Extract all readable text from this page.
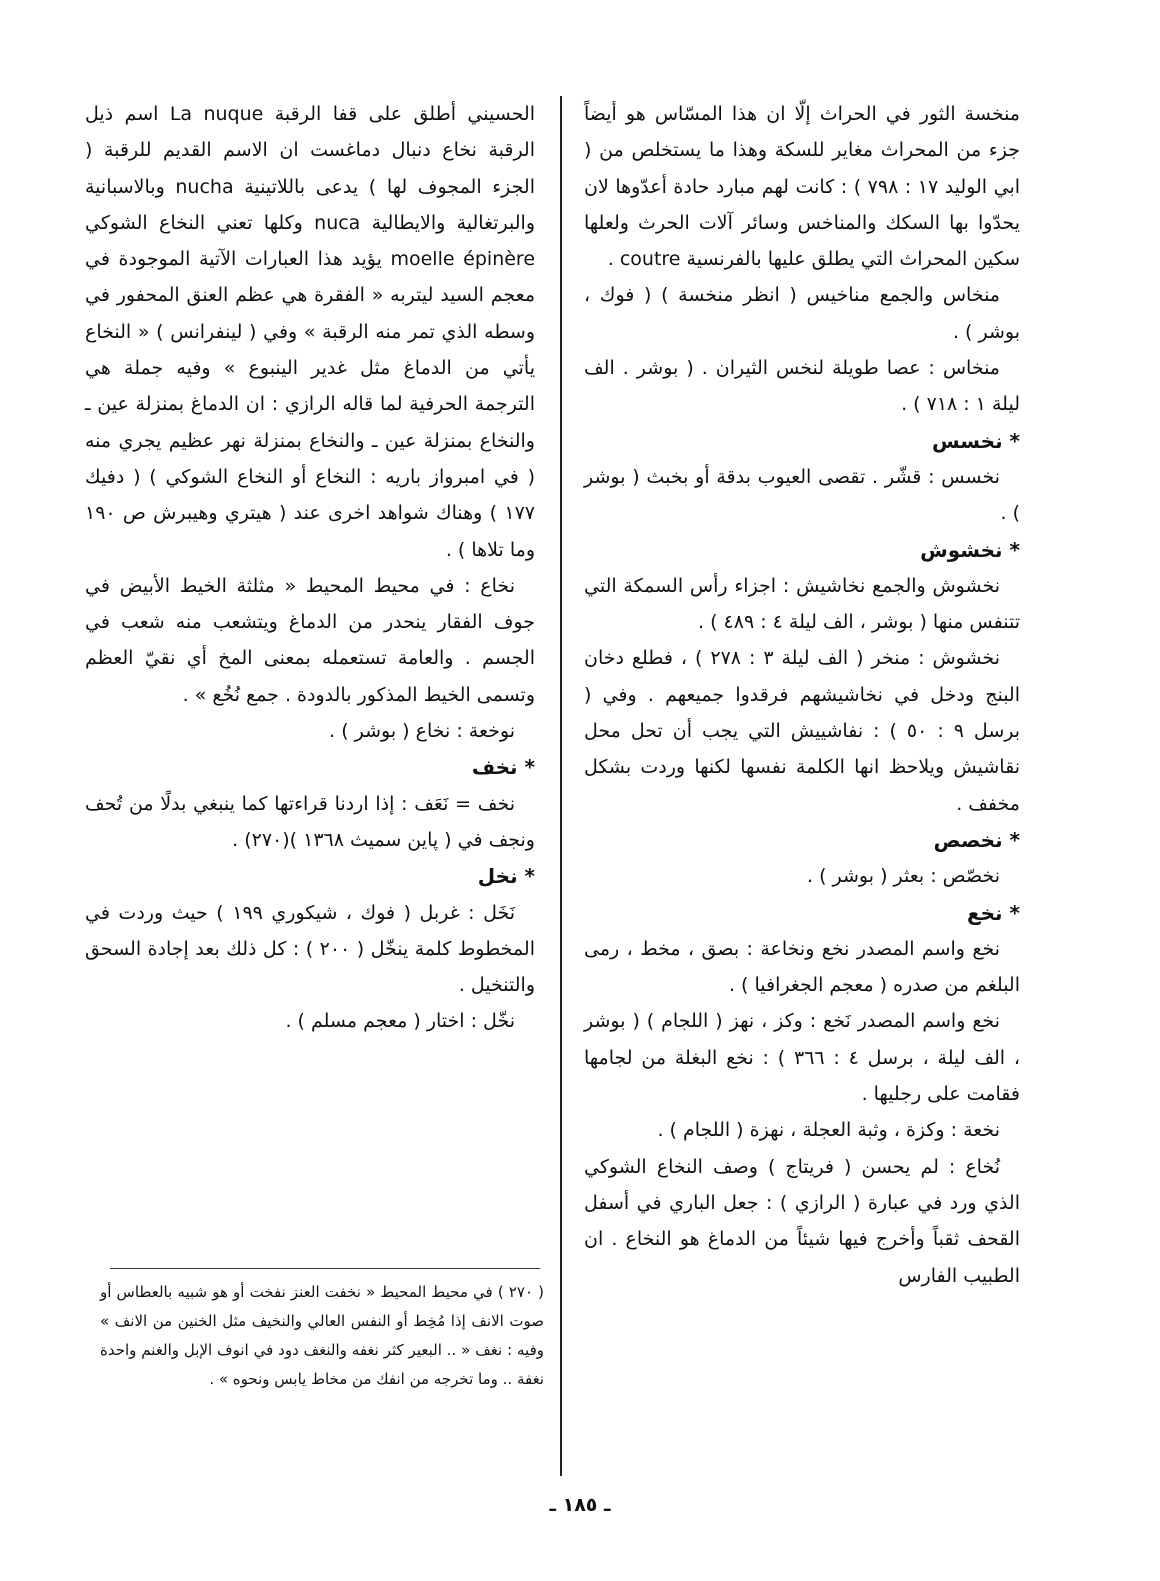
منخسة الثور في الحراث إلّا ان هذا المسّاس هو أيضاً جزء من المحراث مغاير للسكة وهذا ما يستخلص من ( ابي الوليد ١٧ : ٧٩٨ ) : كانت لهم مبارد حادة أعدّوها لان يحدّوا بها السكك والمناخس وسائر آلات الحرث ولعلها سكين المحراث التي يطلق عليها بالفرنسية coutre .

منخاس والجمع مناخيس ( انظر منخسة ) ( فوك ، بوشر ) .

منخاس : عصا طويلة لنخس الثيران . ( بوشر . الف ليلة ١ : ٧١٨ ) .

* نخسس

نخسس : قشّر . تقصى العيوب بدقة أو بخبث ( بوشر ) .

* نخشوش

نخشوش والجمع نخاشيش : اجزاء رأس السمكة التي تتنفس منها ( بوشر ، الف ليلة ٤ : ٤٨٩ ) .

نخشوش : منخر ( الف ليلة ٣ : ٢٧٨ ) ، فطلع دخان البنج ودخل في نخاشيشهم فرقدوا جميعهم . وفي ( برسل ٩ : ٥٠ ) : نفاشييش التي يجب أن تحل محل نقاشيش ويلاحظ انها الكلمة نفسها لكنها وردت بشكل مخفف .

* نخصص

نخصّص : بعثر ( بوشر ) .

* نخع

نخع واسم المصدر نخع ونخاعة : بصق ، مخط ، رمى البلغم من صدره ( معجم الجغرافيا ) .

نخع واسم المصدر نَخع : وكز ، نهز ( اللجام ) ( بوشر ، الف ليلة ، برسل ٤ : ٣٦٦ ) : نخع البغلة من لجامها فقامت على رجليها .

نخعة : وكزة ، وثبة العجلة ، نهزة ( اللجام ) .

نُخاع : لم يحسن ( فريتاج ) وصف النخاع الشوكي الذي ورد في عبارة ( الرازي ) : جعل الباري في أسفل القحف ثقباً وأخرج فيها شيئاً من الدماغ هو النخاع . ان الطبيب الفارس

الحسيني أطلق على قفا الرقبة La nuque اسم ذيل الرقبة نخاع دنبال دماغست ان الاسم القديم للرقبة ( الجزء المجوف لها ) يدعى باللاتينية nucha وبالاسبانية والبرتغالية والايطالية nuca وكلها تعني النخاع الشوكي moelle épinère يؤيد هذا العبارات الآتية الموجودة في معجم السيد ليتربه « الفقرة هي عظم العنق المحفور في وسطه الذي تمر منه الرقبة » وفي ( لينفرانس ) « النخاع يأتي من الدماغ مثل غدير الينبوع » وفيه جملة هي الترجمة الحرفية لما قاله الرازي : ان الدماغ بمنزلة عين ـ والنخاع بمنزلة عين ـ والنخاع بمنزلة نهر عظيم يجري منه ( في امبرواز باريه : النخاع أو النخاع الشوكي ) ( دفيك ١٧٧ ) وهناك شواهد اخرى عند ( هيتري وهيبرش ص ١٩٠ وما تلاها ) .

نخاع : في محيط المحيط « مثلثة الخيط الأبيض في جوف الفقار ينحدر من الدماغ ويتشعب منه شعب في الجسم . والعامة تستعمله بمعنى المخ أي نقيّ العظم وتسمى الخيط المذكور بالدودة . جمع نُخُع » .

نوخعة : نخاع ( بوشر ) .

* نخف

نخف = نَعَف : إذا اردنا قراءتها كما ينبغي بدلًا من تُحف ونجف في ( پاين سميث ١٣٦٨ )(٢٧٠) .

* نخل

نَخَل : غربل ( فوك ، شيكوري ١٩٩ ) حيث وردت في المخطوط كلمة ينخّل ( ٢٠٠ ) : كل ذلك بعد إجادة السحق والتنخيل .

نخّل : اختار ( معجم مسلم ) .

( ٢٧٠ ) في محيط المحيط « نخفت العنز نفخت أو هو شبيه بالعطاس أو صوت الانف إذا مُخِط أو النفس العالي والنخيف مثل الخنين من الانف » وفيه : نغف « .. البعير كثر نغفه والنغف دود في انوف الإبل والغنم واحدة نغفة .. وما تخرجه من انفك من مخاط يابس ونحوه » .

ـ ١٨٥ ـ
